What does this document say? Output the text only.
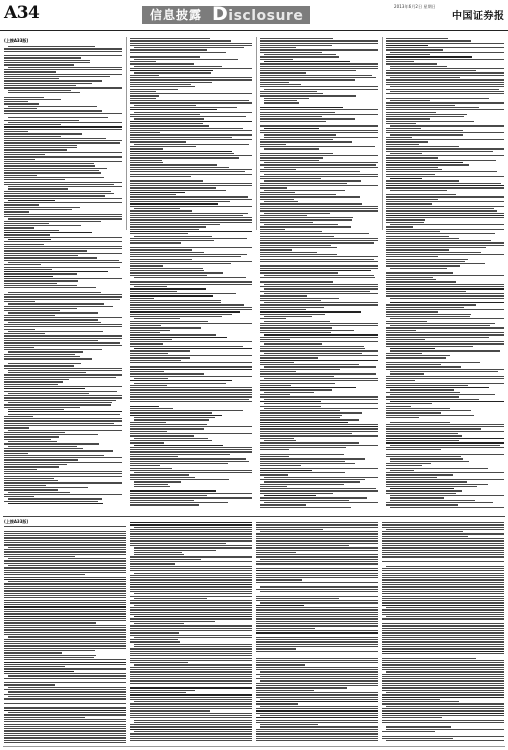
A34	信息披露 Disclosure
2013年6月2日 星期日
中国证券报
(上接A33版)
(上接A33版)
